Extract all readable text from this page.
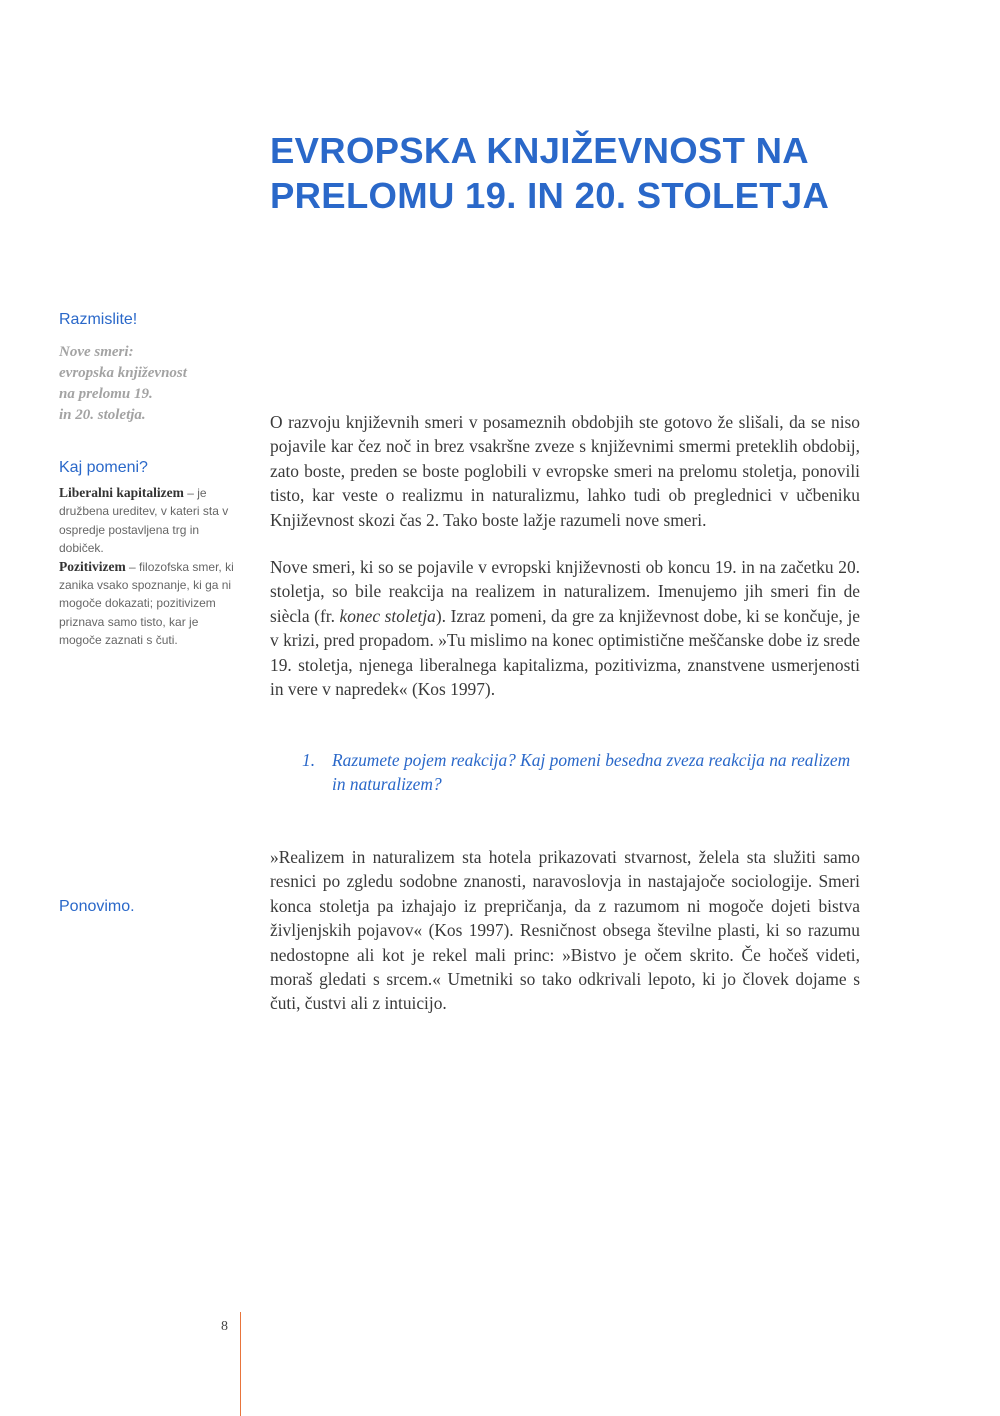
EVROPSKA KNJIŽEVNOST NA
PRELOMU 19. IN 20. STOLETJA
Razmislite!

Nove smeri:
evropska književnost
na prelomu 19.
in 20. stoletja.

Kaj pomeni?
Liberalni kapitalizem – je družbena ureditev, v kateri sta v ospredje postavljena trg in dobiček.
Pozitivizem – filozofska smer, ki zanika vsako spoznanje, ki ga ni mogoče dokazati; pozitivizem priznava samo tisto, kar je mogoče zaznati s čuti.
Ponovimo.

O razvoju književnih smeri v posameznih obdobjih ste gotovo že slišali, da se niso pojavile kar čez noč in brez vsakršne zveze s književnimi smermi preteklih obdobij, zato boste, preden se boste poglobili v evropske smeri na prelomu stoletja, ponovili tisto, kar veste o realizmu in naturalizmu, lahko tudi ob preglednici v učbeniku Književnost skozi čas 2. Tako boste lažje razumeli nove smeri.

Nove smeri, ki so se pojavile v evropski književnosti ob koncu 19. in na začetku 20. stoletja, so bile reakcija na realizem in naturalizem. Imenujemo jih smeri fin de siècla (fr. konec stoletja). Izraz pomeni, da gre za književnost dobe, ki se končuje, je v krizi, pred propadom. »Tu mislimo na konec optimistične meščanske dobe iz srede 19. stoletja, njenega liberalnega kapitalizma, pozitivizma, znanstvene usmerjenosti in vere v napredek« (Kos 1997).

1. Razumete pojem reakcija? Kaj pomeni besedna zveza reakcija na realizem in naturalizem?

»Realizem in naturalizem sta hotela prikazovati stvarnost, želela sta služiti samo resnici po zgledu sodobne znanosti, naravoslovja in nastajajoče sociologije. Smeri konca stoletja pa izhajajo iz prepričanja, da z razumom ni mogoče dojeti bistva življenjskih pojavov« (Kos 1997). Resničnost obsega številne plasti, ki so razumu nedostopne ali kot je rekel mali princ: »Bistvo je očem skrito. Če hočeš videti, moraš gledati s srcem.« Umetniki so tako odkrivali lepoto, ki jo človek dojame s čuti, čustvi ali z intuicijo.

8
